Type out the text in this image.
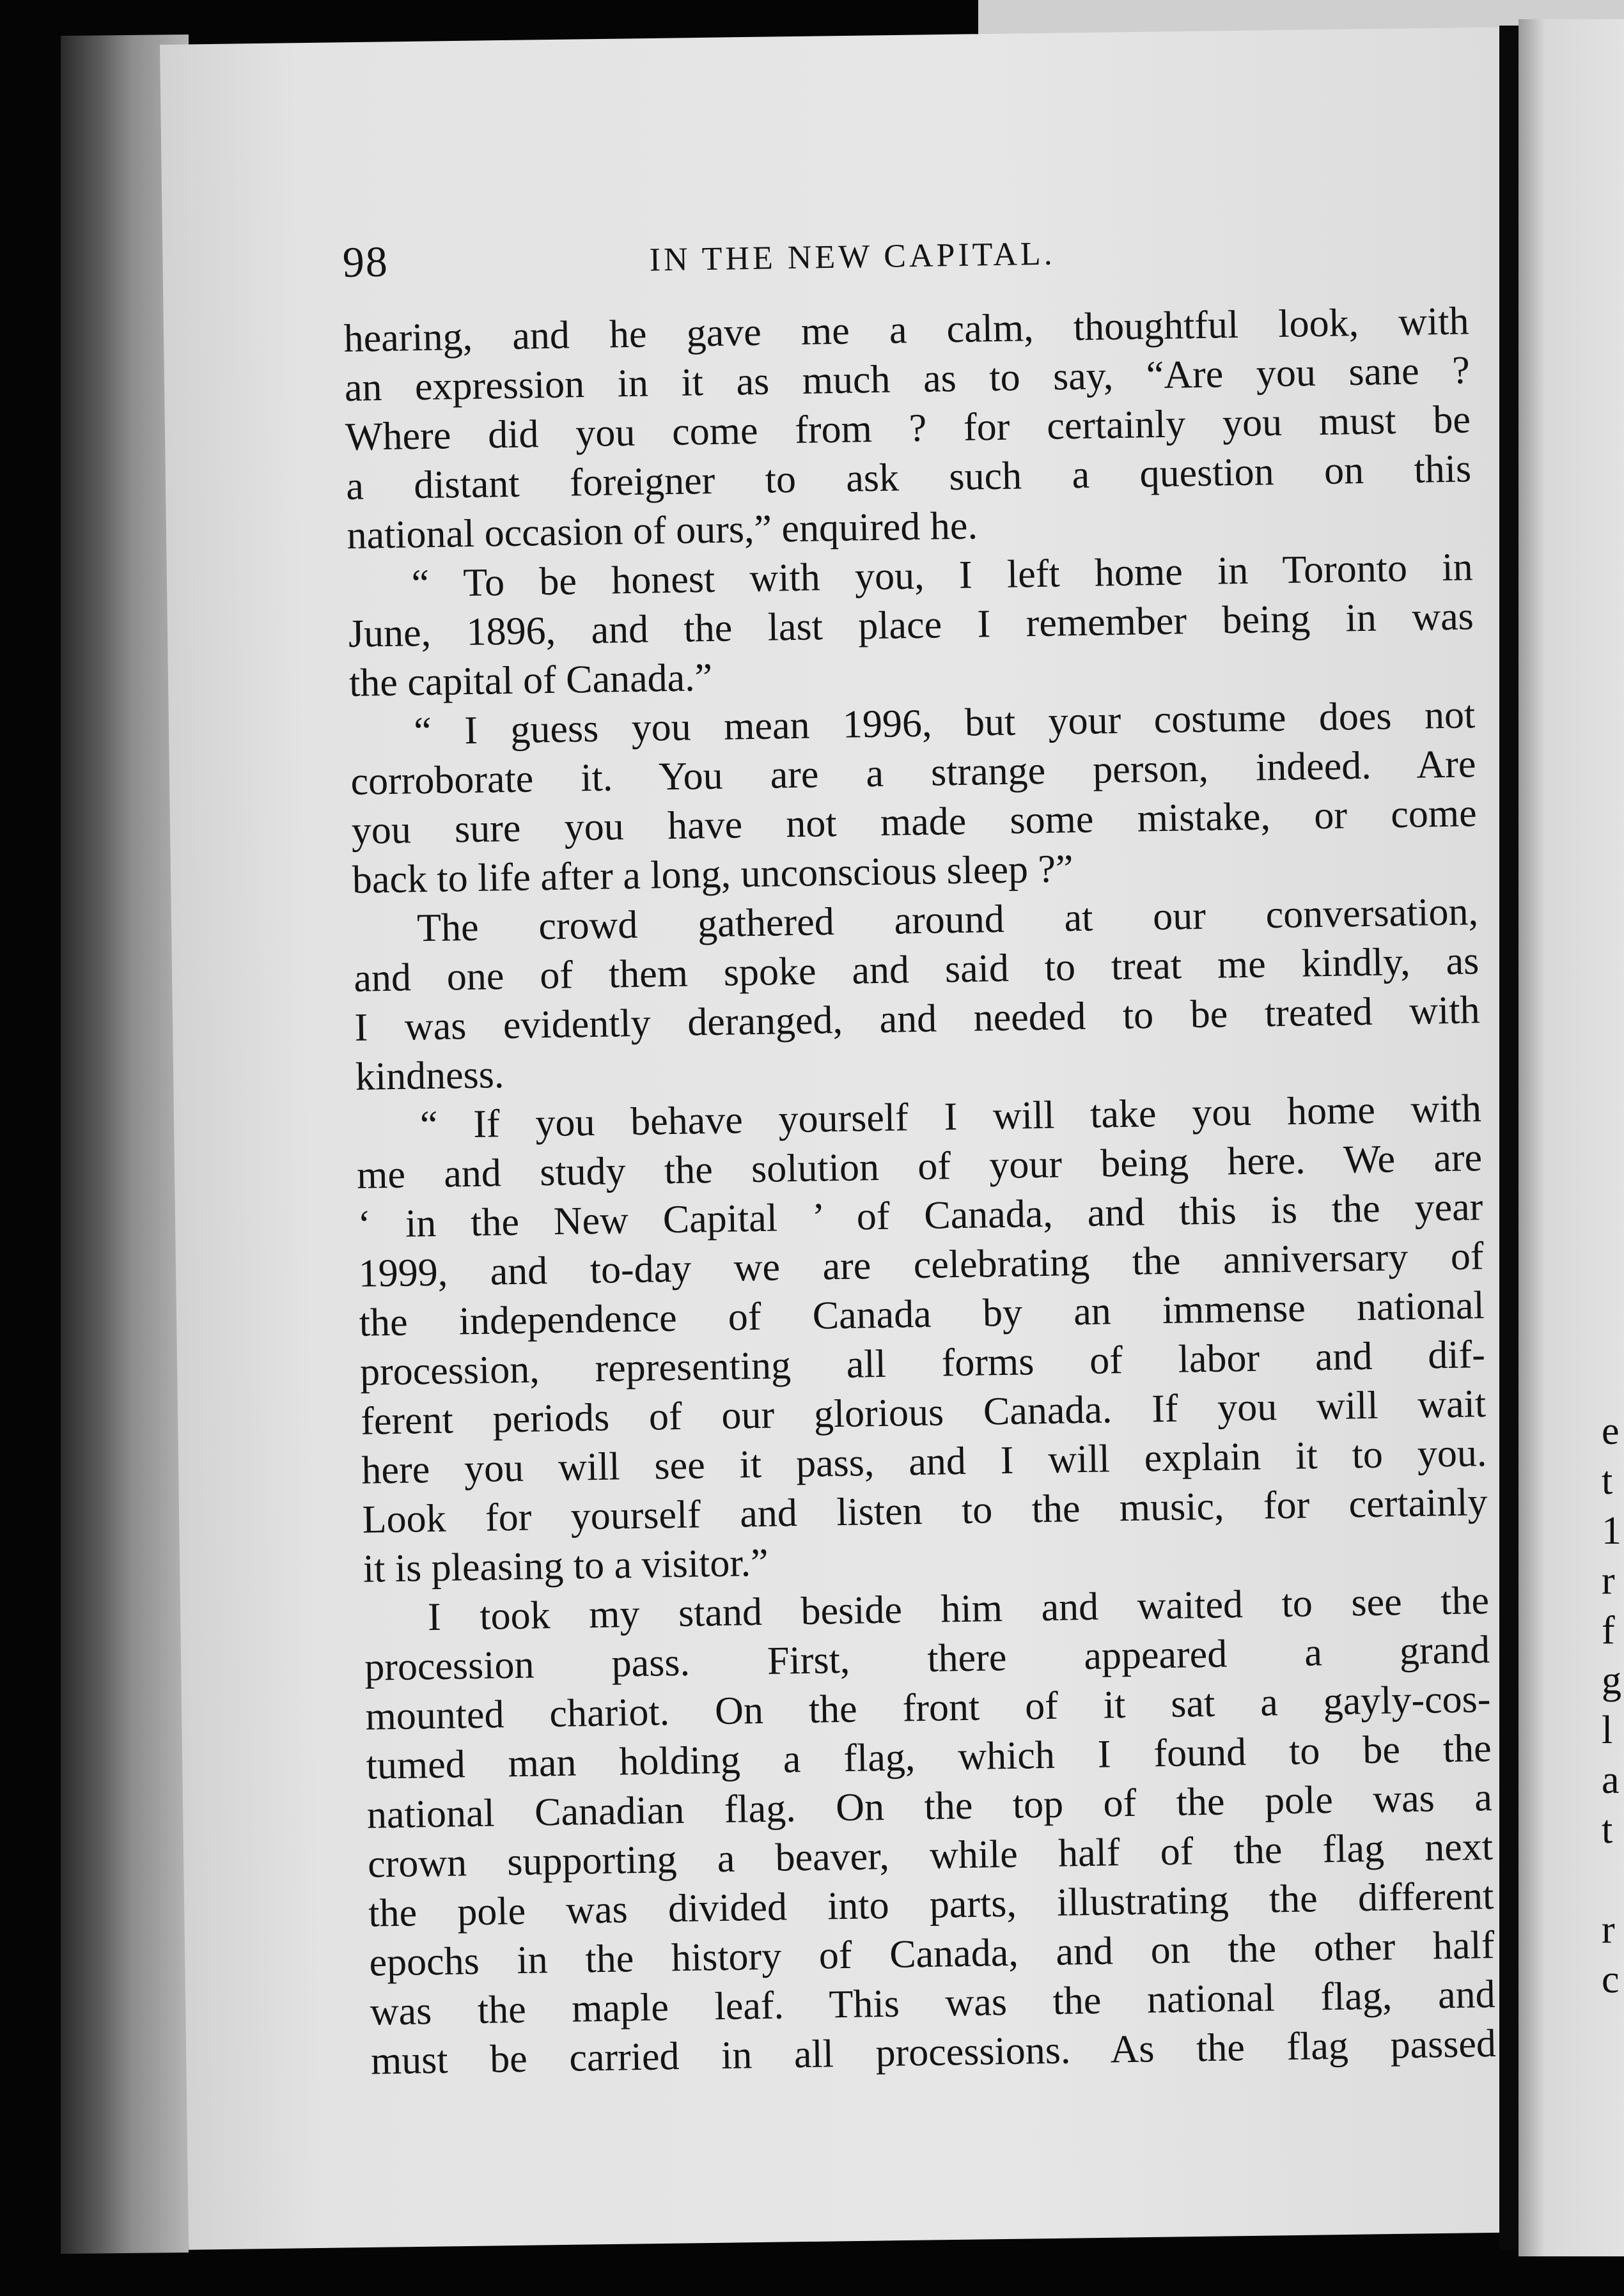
e
t
1
r
f
g
l
a
t
r
c
98	IN THE NEW CAPITAL.
hearing, and he gave me a calm, thoughtful look, with
an expression in it as much as to say, “Are you sane ?
Where did you come from ? for certainly you must be
a distant foreigner to ask such a question on this
national occasion of ours,” enquired he.
“ To be honest with you, I left home in Toronto in
June, 1896, and the last place I remember being in was
the capital of Canada.”
“ I guess you mean 1996, but your costume does not
corroborate it. You are a strange person, indeed. Are
you sure you have not made some mistake, or come
back to life after a long, unconscious sleep ?”
The crowd gathered around at our conversation,
and one of them spoke and said to treat me kindly, as
I was evidently deranged, and needed to be treated with
kindness.
“ If you behave yourself I will take you home with
me and study the solution of your being here. We are
‘ in the New Capital ’ of Canada, and this is the year
1999, and to-day we are celebrating the anniversary of
the independence of Canada by an immense national
procession, representing all forms of labor and dif-
ferent periods of our glorious Canada. If you will wait
here you will see it pass, and I will explain it to you.
Look for yourself and listen to the music, for certainly
it is pleasing to a visitor.”
I took my stand beside him and waited to see the
procession pass. First, there appeared a grand
mounted chariot. On the front of it sat a gayly-cos-
tumed man holding a flag, which I found to be the
national Canadian flag. On the top of the pole was a
crown supporting a beaver, while half of the flag next
the pole was divided into parts, illustrating the different
epochs in the history of Canada, and on the other half
was the maple leaf. This was the national flag, and
must be carried in all processions. As the flag passed
